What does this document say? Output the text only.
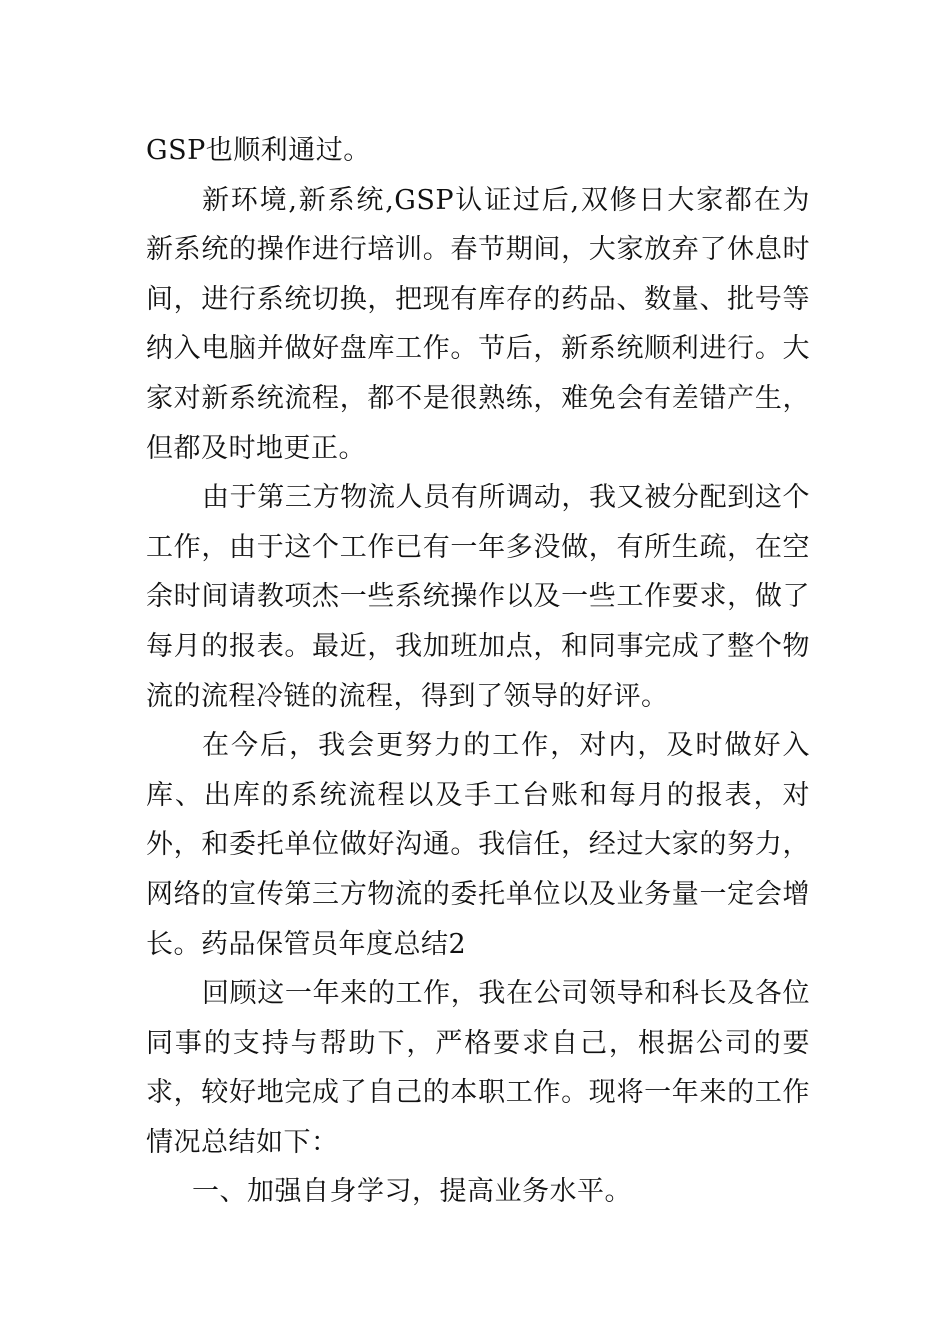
GSP也顺利通过。

新环境,新系统,GSP认证过后,双修日大家都在为新系统的操作进行培训。春节期间，大家放弃了休息时间，进行系统切换，把现有库存的药品、数量、批号等纳入电脑并做好盘库工作。节后，新系统顺利进行。大家对新系统流程，都不是很熟练，难免会有差错产生，但都及时地更正。

由于第三方物流人员有所调动，我又被分配到这个工作，由于这个工作已有一年多没做，有所生疏，在空余时间请教项杰一些系统操作以及一些工作要求，做了每月的报表。最近，我加班加点，和同事完成了整个物流的流程冷链的流程，得到了领导的好评。

在今后，我会更努力的工作，对内，及时做好入库、出库的系统流程以及手工台账和每月的报表，对外，和委托单位做好沟通。我信任，经过大家的努力，网络的宣传第三方物流的委托单位以及业务量一定会增长。药品保管员年度总结2

回顾这一年来的工作，我在公司领导和科长及各位同事的支持与帮助下，严格要求自己，根据公司的要求，较好地完成了自己的本职工作。现将一年来的工作情况总结如下：

一、加强自身学习，提高业务水平。
